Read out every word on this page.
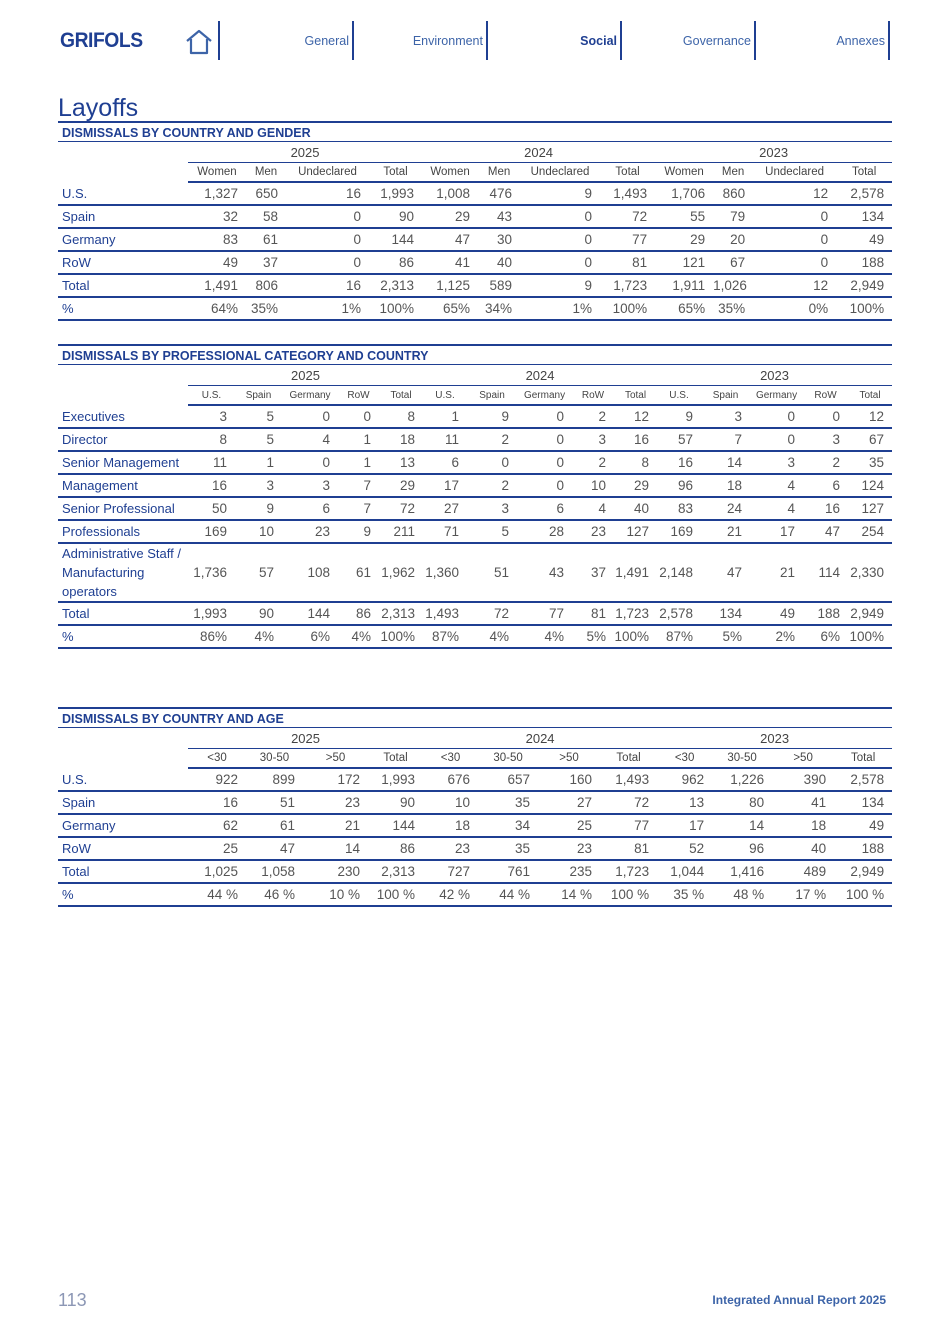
GRIFOLS	General	Environment	Social	Governance	Annexes
Layoffs
DISMISSALS BY COUNTRY AND GENDER
	2025				2024				2023			
	Women	Men	Undeclared	Total	Women	Men	Undeclared	Total	Women	Men	Undeclared	Total
U.S.	1,327	650	16	1,993	1,008	476	9	1,493	1,706	860	12	2,578
Spain	32	58	0	90	29	43	0	72	55	79	0	134
Germany	83	61	0	144	47	30	0	77	29	20	0	49
RoW	49	37	0	86	41	40	0	81	121	67	0	188
Total	1,491	806	16	2,313	1,125	589	9	1,723	1,911	1,026	12	2,949
%	64%	35%	1%	100%	65%	34%	1%	100%	65%	35%	0%	100%
DISMISSALS BY PROFESSIONAL CATEGORY AND COUNTRY
	2025					2024					2023				
	U.S.	Spain	Germany	RoW	Total	U.S.	Spain	Germany	RoW	Total	U.S.	Spain	Germany	RoW	Total
Executives	3	5	0	0	8	1	9	0	2	12	9	3	0	0	12
Director	8	5	4	1	18	11	2	0	3	16	57	7	0	3	67
Senior Management	11	1	0	1	13	6	0	0	2	8	16	14	3	2	35
Management	16	3	3	7	29	17	2	0	10	29	96	18	4	6	124
Senior Professional	50	9	6	7	72	27	3	6	4	40	83	24	4	16	127
Professionals	169	10	23	9	211	71	5	28	23	127	169	21	17	47	254
Administrative Staff / Manufacturing operators	1,736	57	108	61	1,962	1,360	51	43	37	1,491	2,148	47	21	114	2,330
Total	1,993	90	144	86	2,313	1,493	72	77	81	1,723	2,578	134	49	188	2,949
%	86%	4%	6%	4%	100%	87%	4%	4%	5%	100%	87%	5%	2%	6%	100%
DISMISSALS BY COUNTRY AND AGE
	2025				2024				2023			
	<30	30-50	>50	Total	<30	30-50	>50	Total	<30	30-50	>50	Total
U.S.	922	899	172	1,993	676	657	160	1,493	962	1,226	390	2,578
Spain	16	51	23	90	10	35	27	72	13	80	41	134
Germany	62	61	21	144	18	34	25	77	17	14	18	49
RoW	25	47	14	86	23	35	23	81	52	96	40	188
Total	1,025	1,058	230	2,313	727	761	235	1,723	1,044	1,416	489	2,949
%	44 %	46 %	10 %	100 %	42 %	44 %	14 %	100 %	35 %	48 %	17 %	100 %
113	Integrated Annual Report 2025
